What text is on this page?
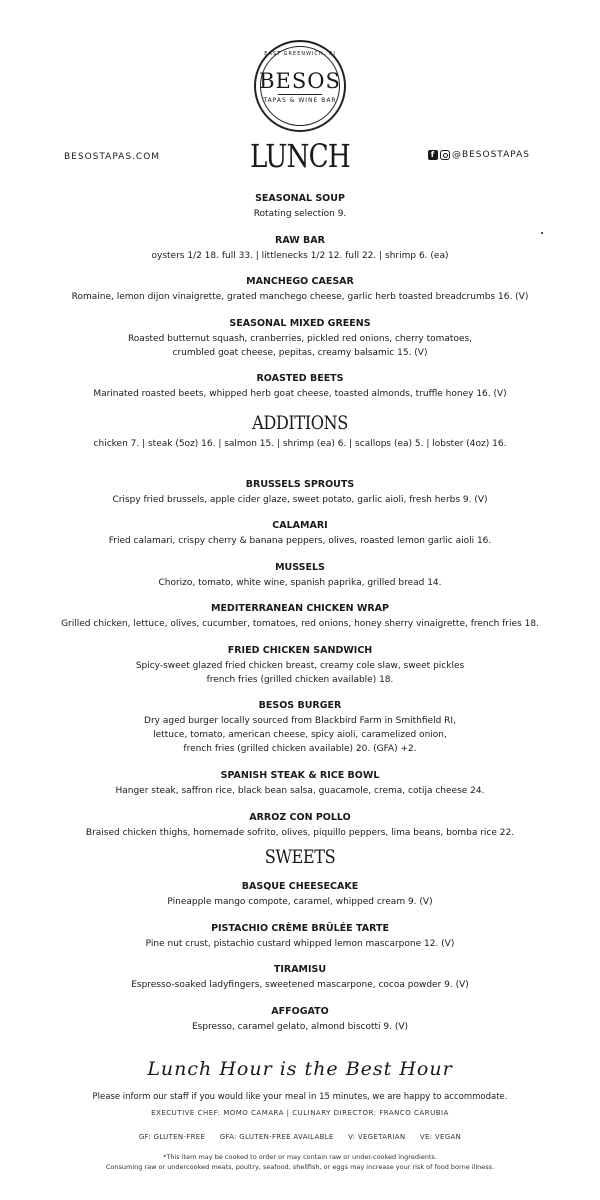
EAST GREENWICH, RI
BESOS
TAPAS & WINE BAR
BESOSTAPAS.COM	LUNCH	f	@BESOSTAPAS
SEASONAL SOUP
Rotating selection 9.
RAW BAR
oysters 1/2 18. full 33. | littlenecks 1/2 12. full 22. | shrimp 6. (ea)
MANCHEGO CAESAR
Romaine, lemon dijon vinaigrette, grated manchego cheese, garlic herb toasted breadcrumbs 16. (V)
SEASONAL MIXED GREENS
Roasted butternut squash, cranberries, pickled red onions, cherry tomatoes,
crumbled goat cheese, pepitas, creamy balsamic 15. (V)
ROASTED BEETS
Marinated roasted beets, whipped herb goat cheese, toasted almonds, truffle honey 16. (V)
ADDITIONS
chicken 7. | steak (5oz) 16. | salmon 15. | shrimp (ea) 6. | scallops (ea) 5. | lobster (4oz) 16.
BRUSSELS SPROUTS
Crispy fried brussels, apple cider glaze, sweet potato, garlic aioli, fresh herbs 9. (V)
CALAMARI
Fried calamari, crispy cherry & banana peppers, olives, roasted lemon garlic aioli 16.
MUSSELS
Chorizo, tomato, white wine, spanish paprika, grilled bread 14.
MEDITERRANEAN CHICKEN WRAP
Grilled chicken, lettuce, olives, cucumber, tomatoes, red onions, honey sherry vinaigrette, french fries 18.
FRIED CHICKEN SANDWICH
Spicy-sweet glazed fried chicken breast, creamy cole slaw, sweet pickles
french fries (grilled chicken available) 18.
BESOS BURGER
Dry aged burger locally sourced from Blackbird Farm in Smithfield RI,
lettuce, tomato, american cheese, spicy aioli, caramelized onion,
french fries (grilled chicken available) 20. (GFA) +2.
SPANISH STEAK & RICE BOWL
Hanger steak, saffron rice, black bean salsa, guacamole, crema, cotija cheese 24.
ARROZ CON POLLO
Braised chicken thighs, homemade sofrito, olives, piquillo peppers, lima beans, bomba rice 22.
SWEETS
BASQUE CHEESECAKE
Pineapple mango compote, caramel, whipped cream 9. (V)
PISTACHIO CRÈME BRÛLÉE TARTE
Pine nut crust, pistachio custard whipped lemon mascarpone 12. (V)
TIRAMISU
Espresso-soaked ladyfingers, sweetened mascarpone, cocoa powder 9. (V)
AFFOGATO
Espresso, caramel gelato, almond biscotti 9. (V)
Lunch Hour is the Best Hour
Please inform our staff if you would like your meal in 15 minutes, we are happy to accommodate.
EXECUTIVE CHEF: MOMO CAMARA | CULINARY DIRECTOR: FRANCO CARUBIA
GF: GLUTEN-FREE GFA: GLUTEN-FREE AVAILABLE V: VEGETARIAN VE: VEGAN
*This item may be cooked to order or may contain raw or under-cooked ingredients.
Consuming raw or undercooked meats, poultry, seafood, shellfish, or eggs may increase your risk of food borne illness.
